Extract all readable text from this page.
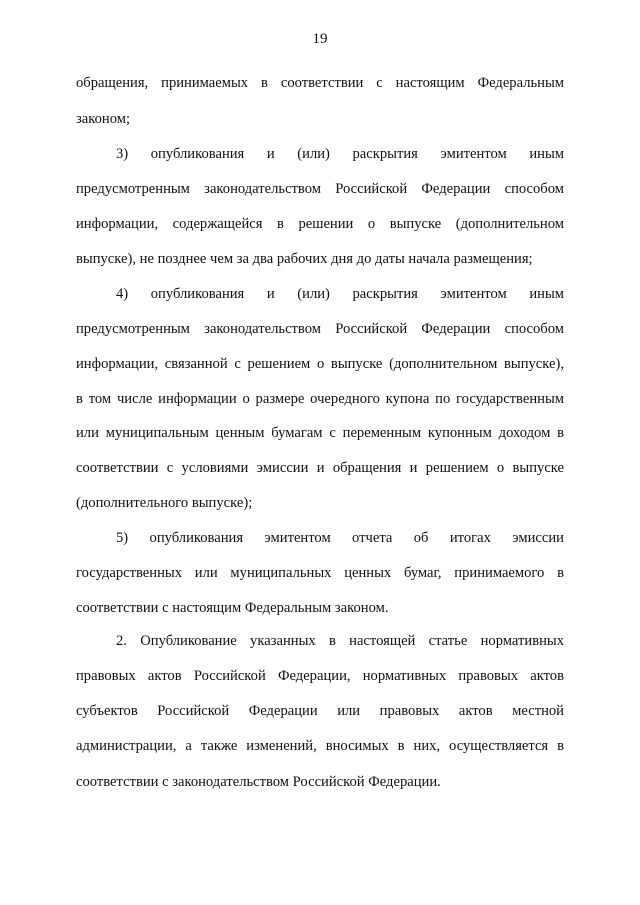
19
обращения, принимаемых в соответствии с настоящим Федеральным
законом;
3) опубликования и (или) раскрытия эмитентом иным
предусмотренным законодательством Российской Федерации способом
информации, содержащейся в решении о выпуске (дополнительном
выпуске), не позднее чем за два рабочих дня до даты начала размещения;
4) опубликования и (или) раскрытия эмитентом иным
предусмотренным законодательством Российской Федерации способом
информации, связанной с решением о выпуске (дополнительном выпуске),
в том числе информации о размере очередного купона по государственным
или муниципальным ценным бумагам с переменным купонным доходом в
соответствии с условиями эмиссии и обращения и решением о выпуске
(дополнительного выпуске);
5) опубликования эмитентом отчета об итогах эмиссии
государственных или муниципальных ценных бумаг, принимаемого в
соответствии с настоящим Федеральным законом.
2. Опубликование указанных в настоящей статье нормативных
правовых актов Российской Федерации, нормативных правовых актов
субъектов Российской Федерации или правовых актов местной
администрации, а также изменений, вносимых в них, осуществляется в
соответствии с законодательством Российской Федерации.
